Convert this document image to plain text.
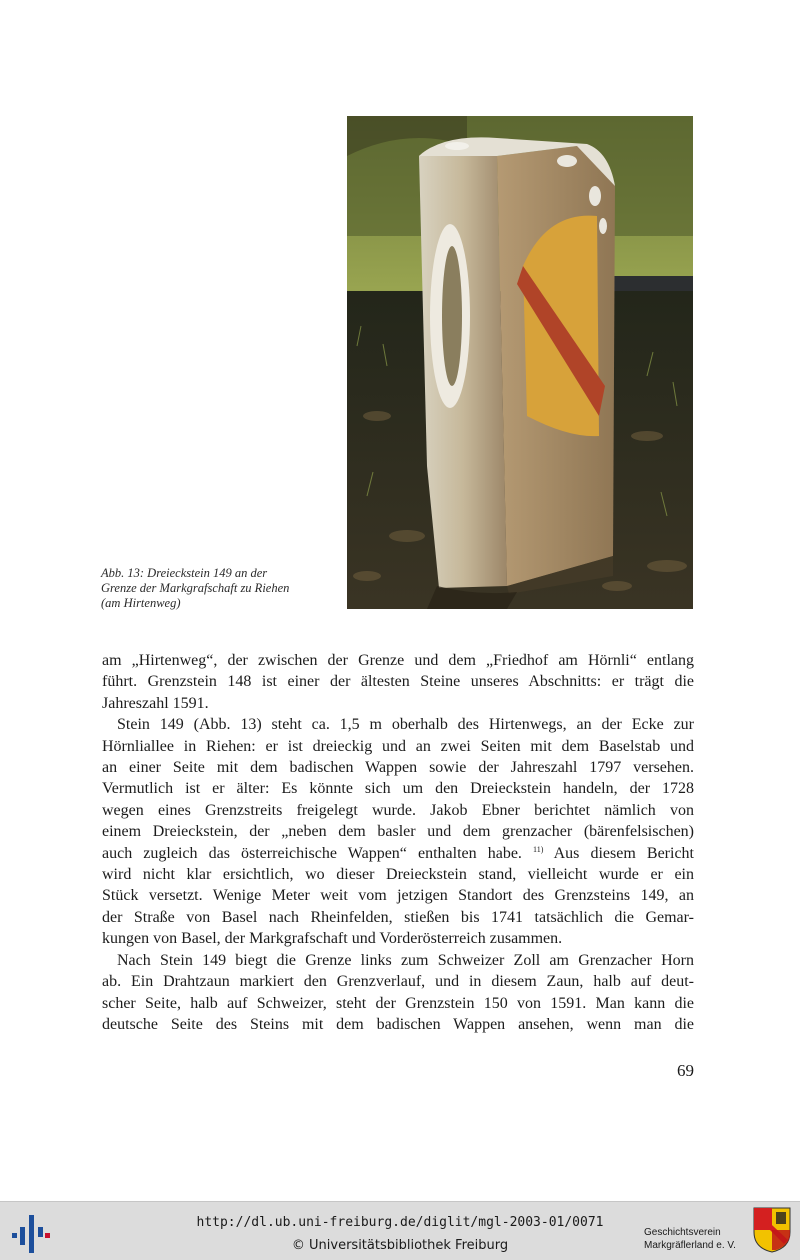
Abb. 13: Dreieckstein 149 an der
Grenze der Markgrafschaft zu Riehen
(am Hirtenweg)

am „Hirtenweg“, der zwischen der Grenze und dem „Friedhof am Hörnli“ entlang
führt. Grenzstein 148 ist einer der ältesten Steine unseres Abschnitts: er trägt die
Jahreszahl 1591.

Stein 149 (Abb. 13) steht ca. 1,5 m oberhalb des Hirtenwegs, an der Ecke zur
Hörnliallee in Riehen: er ist dreieckig und an zwei Seiten mit dem Baselstab und
an einer Seite mit dem badischen Wappen sowie der Jahreszahl 1797 versehen.
Vermutlich ist er älter: Es könnte sich um den Dreieckstein handeln, der 1728
wegen eines Grenzstreits freigelegt wurde. Jakob Ebner berichtet nämlich von
einem Dreieckstein, der „neben dem basler und dem grenzacher (bärenfelsischen)
auch zugleich das österreichische Wappen“ enthalten habe. $^{11)}$ Aus diesem Bericht
wird nicht klar ersichtlich, wo dieser Dreieckstein stand, vielleicht wurde er ein
Stück versetzt. Wenige Meter weit vom jetzigen Standort des Grenzsteins 149, an
der Straße von Basel nach Rheinfelden, stießen bis 1741 tatsächlich die Gemar-
kungen von Basel, der Markgrafschaft und Vorderösterreich zusammen.

Nach Stein 149 biegt die Grenze links zum Schweizer Zoll am Grenzacher Horn
ab. Ein Drahtzaun markiert den Grenzverlauf, und in diesem Zaun, halb auf deut-
scher Seite, halb auf Schweizer, steht der Grenzstein 150 von 1591. Man kann die
deutsche Seite des Steins mit dem badischen Wappen ansehen, wenn man die

69
http://dl.ub.uni-freiburg.de/diglit/mgl-2003-01/0071
© Universitätsbibliothek Freiburg
Geschichtsverein
Markgräflerland e. V.
